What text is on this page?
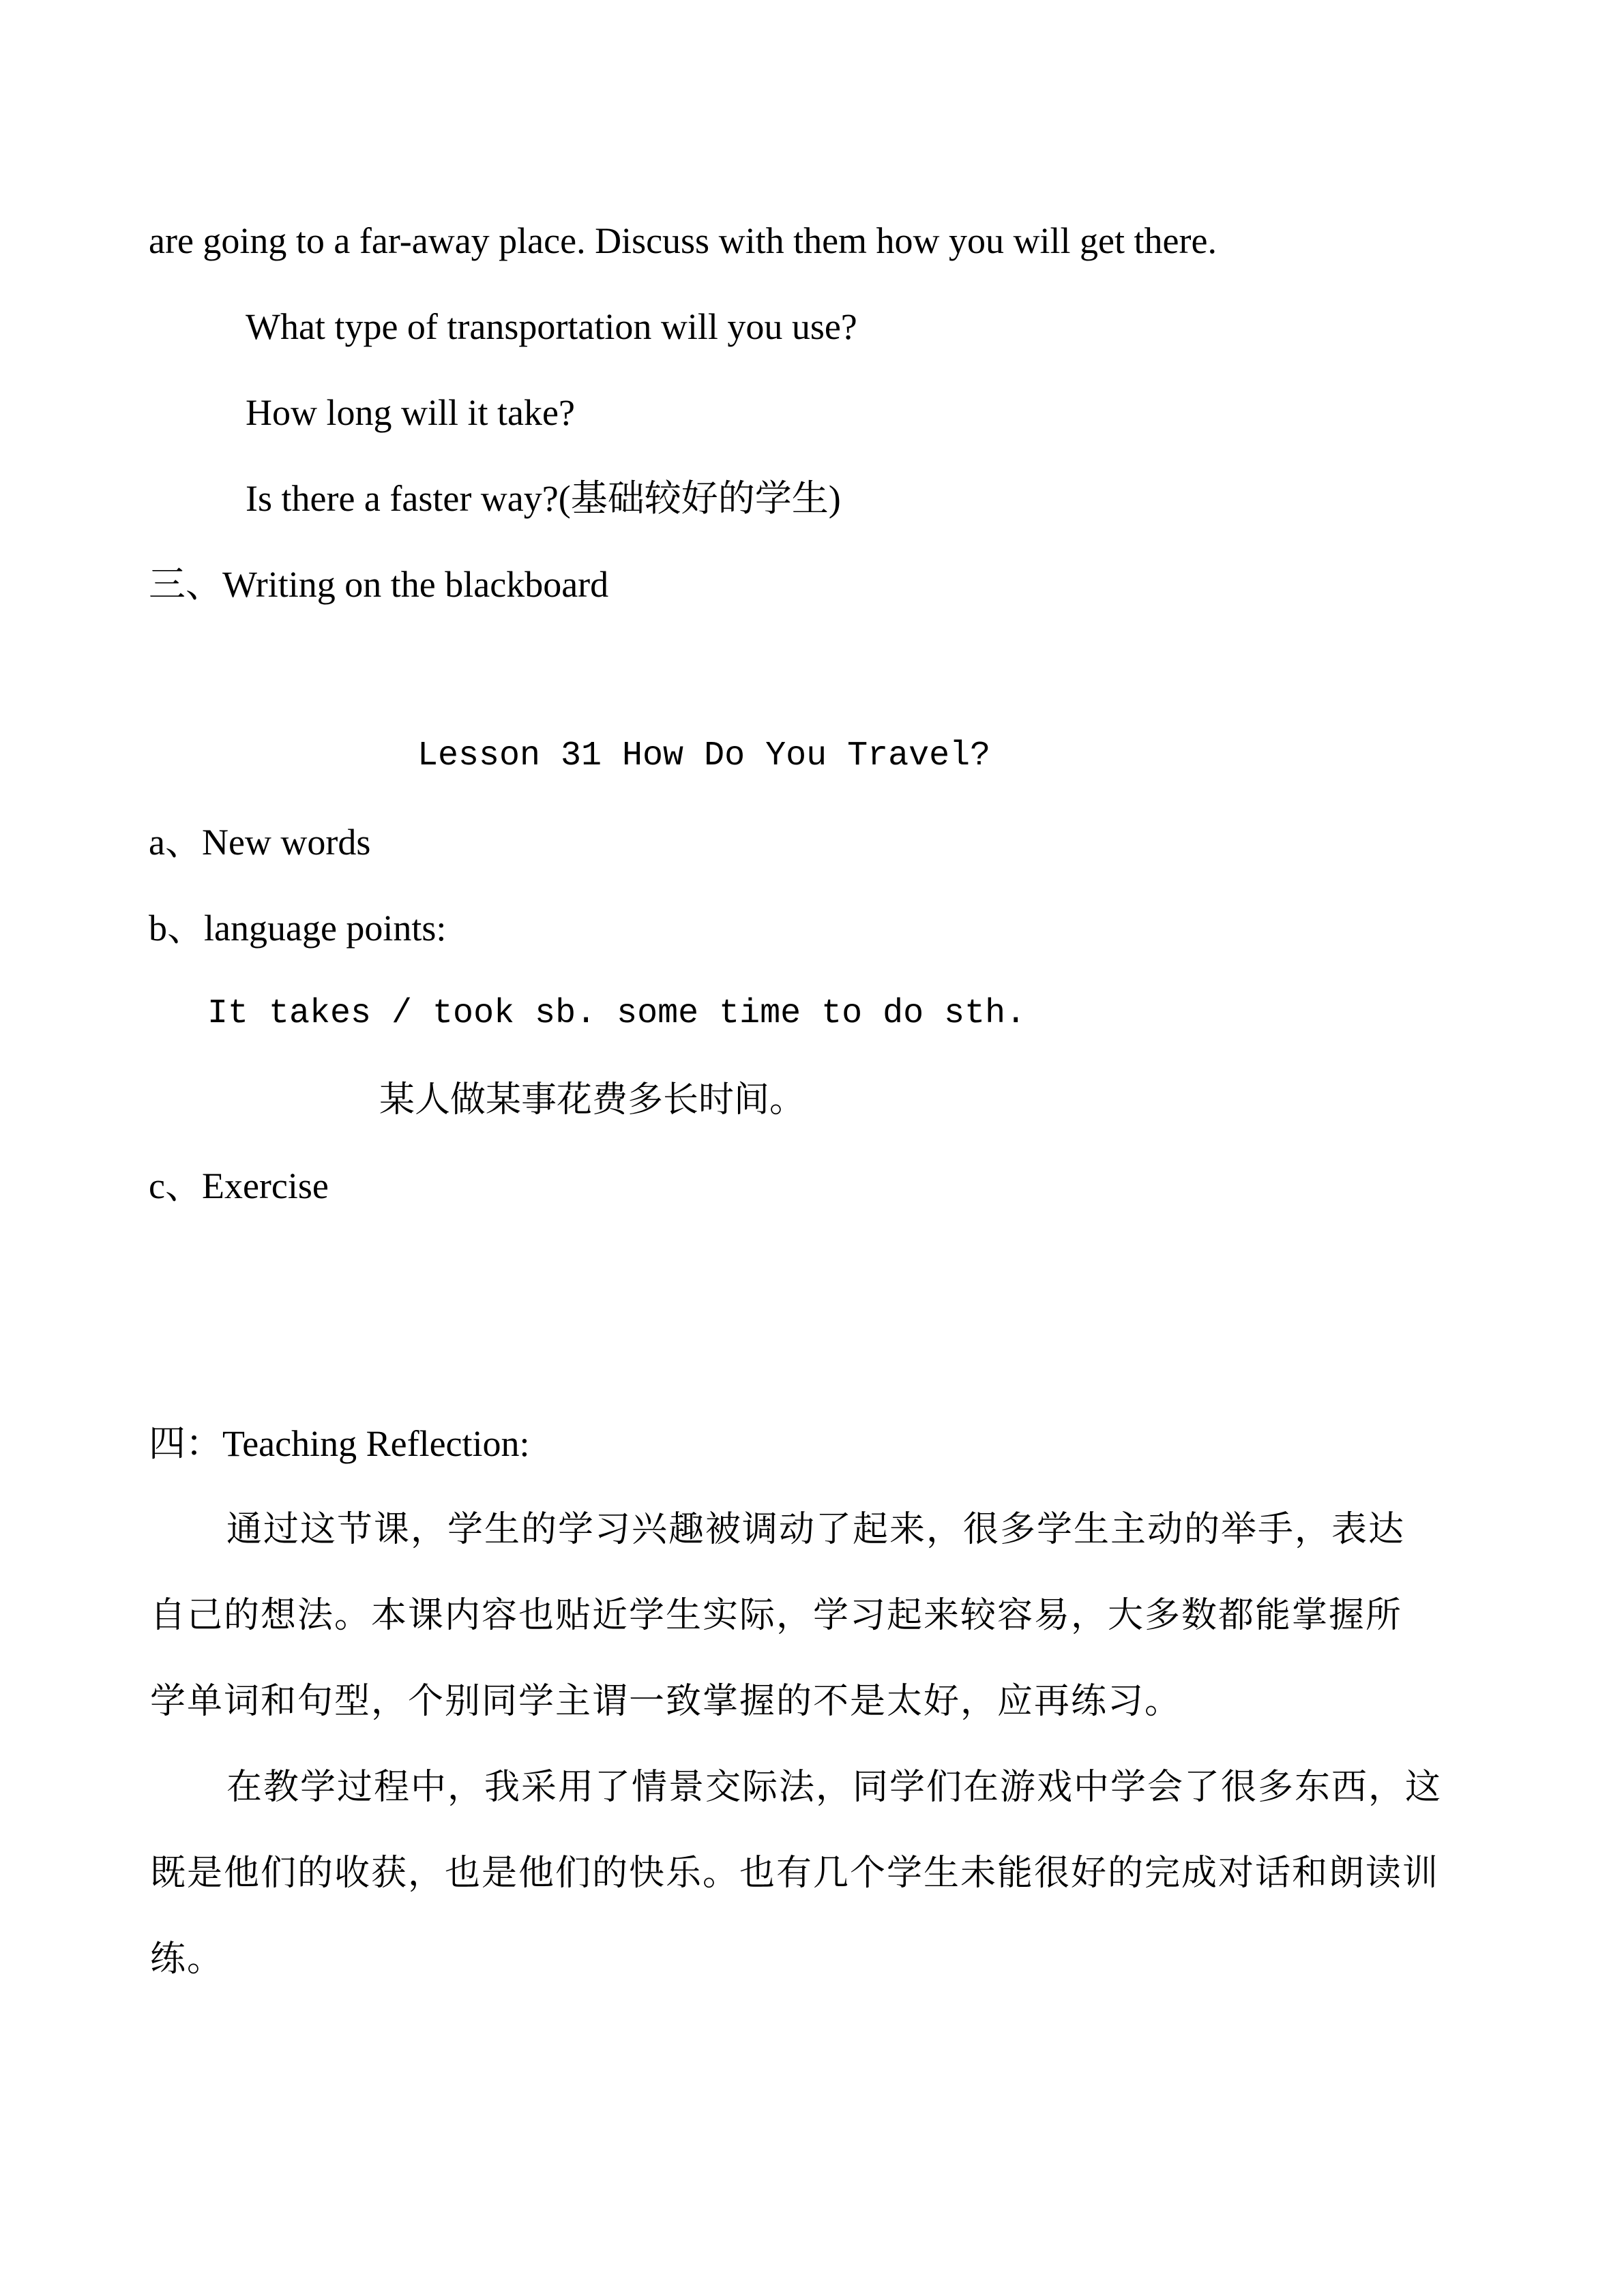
are going to a far-away place. Discuss with them how you will get there.
What type of transportation will you use?
How long will it take?
Is there a faster way?(基础较好的学生)
三、Writing on the blackboard
Lesson 31 How Do You Travel?
a、New words
b、language points:
It takes / took sb. some time to do sth.
某人做某事花费多长时间。
c、Exercise
四：Teaching Reflection:
通过这节课，学生的学习兴趣被调动了起来，很多学生主动的举手，表达
自己的想法。本课内容也贴近学生实际，学习起来较容易，大多数都能掌握所
学单词和句型，个别同学主谓一致掌握的不是太好，应再练习。
在教学过程中，我采用了情景交际法，同学们在游戏中学会了很多东西，这
既是他们的收获，也是他们的快乐。也有几个学生未能很好的完成对话和朗读训
练。
